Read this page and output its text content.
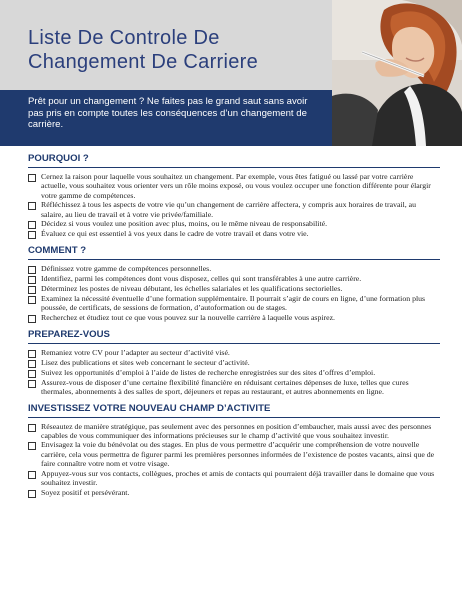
Liste De Controle De Changement De Carriere

Prêt pour un changement ? Ne faites pas le grand saut sans avoir pas pris en compte toutes les conséquences d’un changement de carrière.

POURQUOI ?
Cernez la raison pour laquelle vous souhaitez un changement. Par exemple, vous êtes fatigué ou lassé par votre carrière actuelle, vous souhaitez vous orienter vers un rôle moins exposé, ou vous voulez occuper une fonction différente pour élargir votre gamme de compétences.
Réfléchissez à tous les aspects de votre vie qu’un changement de carrière affectera, y compris aux horaires de travail, au salaire, au lieu de travail et à votre vie privée/familiale.
Décidez si vous voulez une position avec plus, moins, ou le même niveau de responsabilité.
Évaluez ce qui est essentiel à vos yeux dans le cadre de votre travail et dans votre vie.
COMMENT ?
Définissez votre gamme de compétences personnelles.
Identifiez, parmi les compétences dont vous disposez, celles qui sont transférables à une autre carrière.
Déterminez les postes de niveau débutant, les échelles salariales et les qualifications sectorielles.
Examinez la nécessité éventuelle d’une formation supplémentaire. Il pourrait s’agir de cours en ligne, d’une formation plus poussée, de certificats, de sessions de formation, d’autoformation ou de stages.
Recherchez et étudiez tout ce que vous pouvez sur la nouvelle carrière à laquelle vous aspirez.
PREPAREZ-VOUS
Remaniez votre CV pour l’adapter au secteur d’activité visé.
Lisez des publications et sites web concernant le secteur d’activité.
Suivez les opportunités d’emploi à l’aide de listes de recherche enregistrées sur des sites d’offres d’emploi.
Assurez-vous de disposer d’une certaine flexibilité financière en réduisant certaines dépenses de luxe, telles que cures thermales, abonnements à des salles de sport, déjeuners et repas au restaurant, et autres abonnements en ligne.
INVESTISSEZ VOTRE NOUVEAU CHAMP D’ACTIVITE
Réseautez de manière stratégique, pas seulement avec des personnes en position d’embaucher, mais aussi avec des personnes capables de vous communiquer des informations précieuses sur le champ d’activité que vous souhaitez investir.
Envisagez la voie du bénévolat ou des stages. En plus de vous permettre d’acquérir une compréhension de votre nouvelle carrière, cela vous permettra de figurer parmi les premières personnes informées de l’existence de postes vacants, ainsi que de faire connaître votre nom et votre visage.
Appuyez-vous sur vos contacts, collègues, proches et amis de contacts qui pourraient déjà travailler dans le domaine que vous souhaitez investir.
Soyez positif et persévérant.
